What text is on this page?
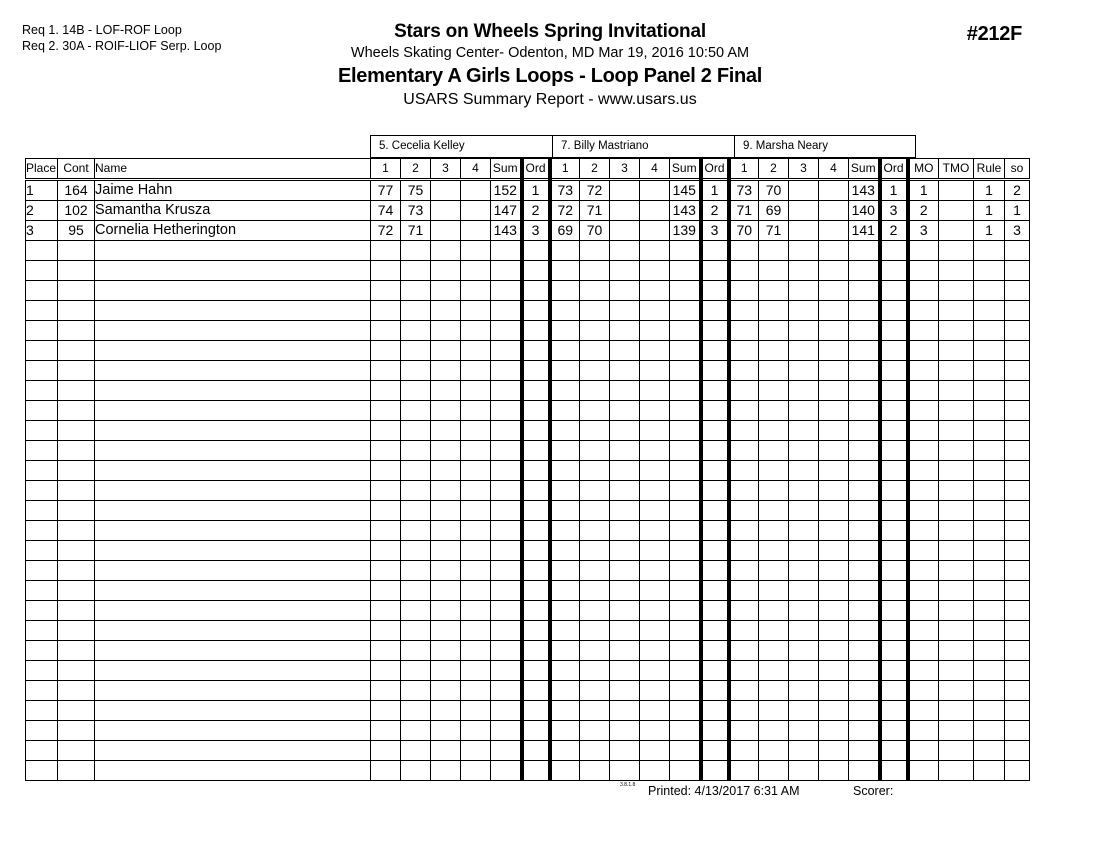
Req 1. 14B - LOF-ROF Loop
Req 2. 30A - ROIF-LIOF Serp. Loop
Stars on Wheels Spring Invitational
Wheels Skating Center- Odenton, MD Mar 19, 2016 10:50 AM
Elementary A Girls Loops - Loop Panel 2 Final
USARS Summary Report - www.usars.us
#212F
5. Cecelia Kelley	7. Billy Mastriano	9. Marsha Neary
Place	Cont	Name	1	2	3	4	Sum	Ord	1	2	3	4	Sum	Ord	1	2	3	4	Sum	Ord	MO	TMO	Rule	so
1	164	Jaime Hahn	77	75			152	1	73	72			145	1	73	70			143	1	1		1	2
2	102	Samantha Krusza	74	73			147	2	72	71			143	2	71	69			140	3	2		1	1
3	95	Cornelia Hetherington	72	71			143	3	69	70			139	3	70	71			141	2	3		1	3

3.8.1.8 Printed: 4/13/2017 6:31 AM	Scorer:
